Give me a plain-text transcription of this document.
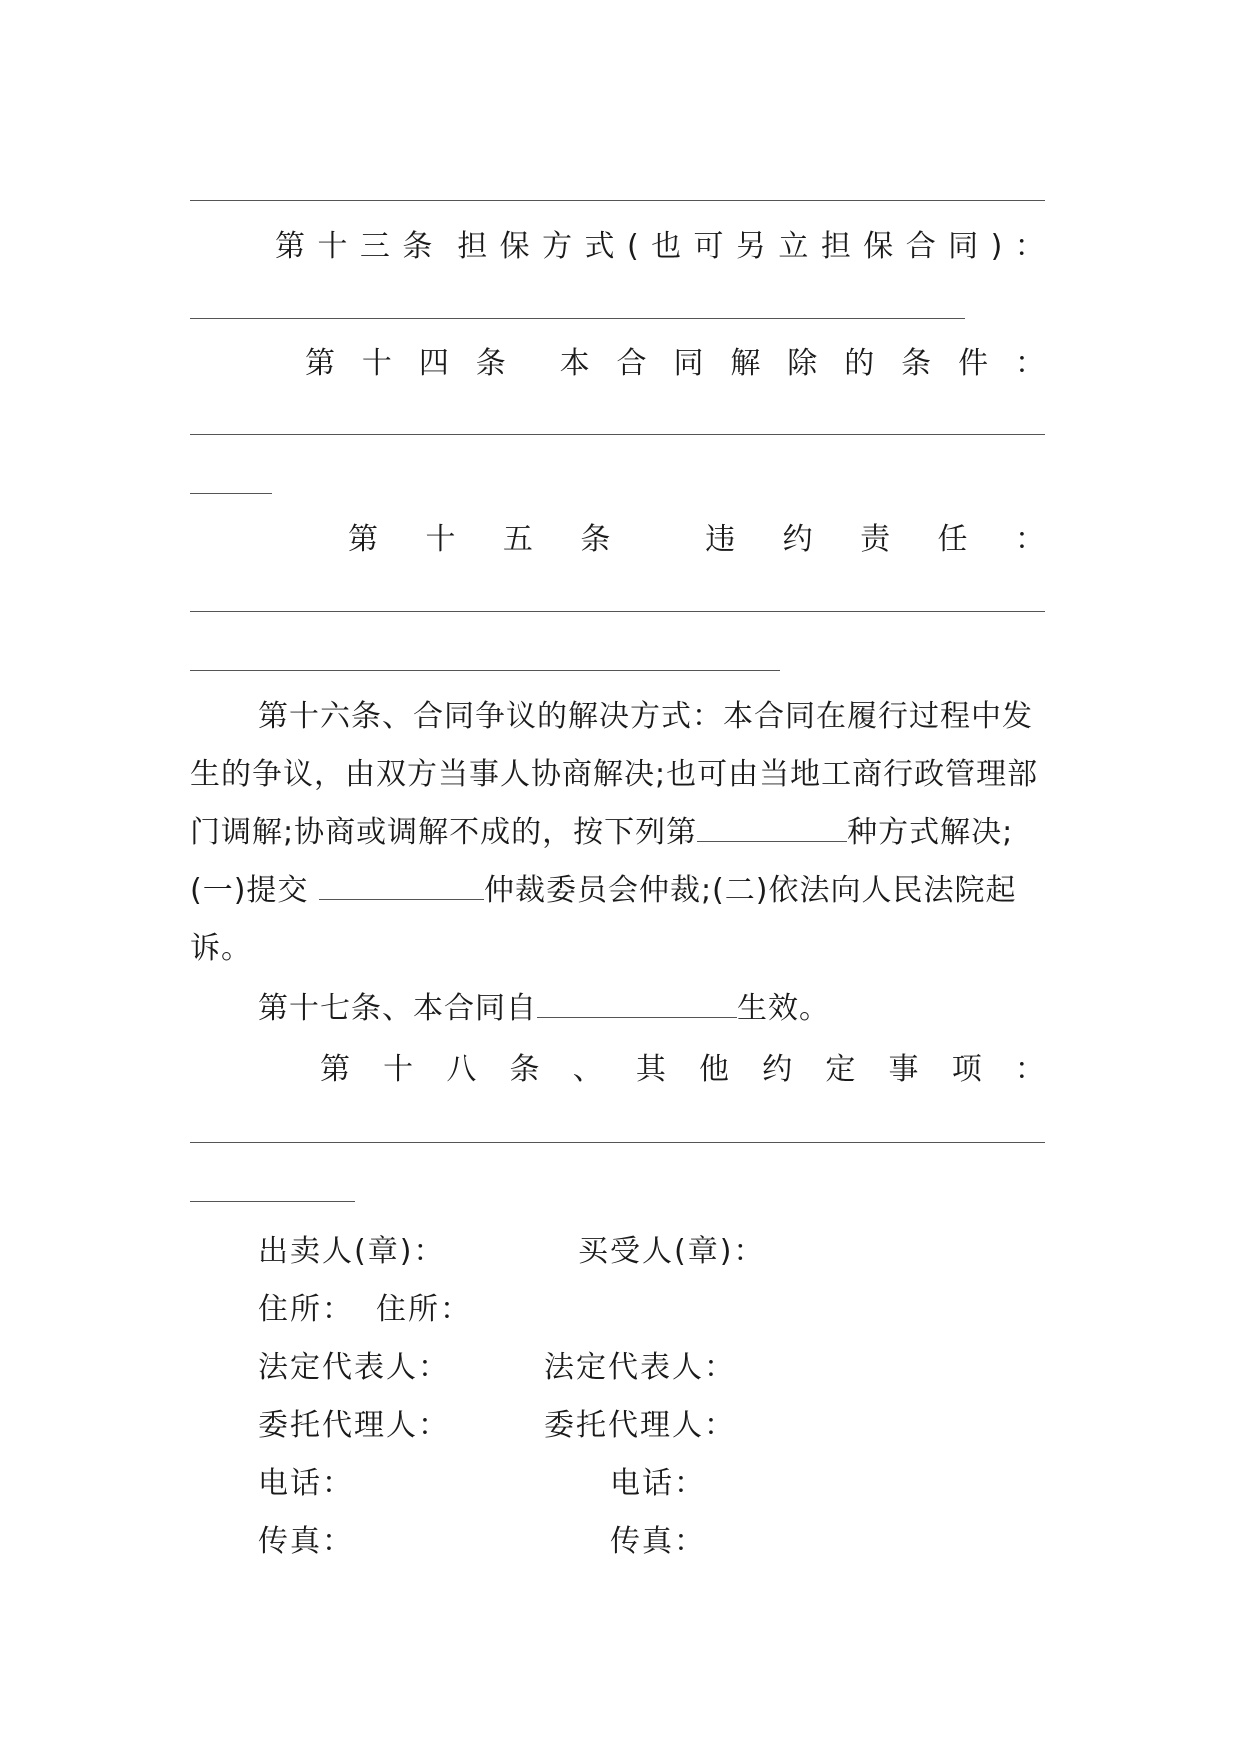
第 十 三 条 担 保 方 式 ( 也 可 另 立 担 保 合 同 ) ：
第 十 四 条 本 合 同 解 除 的 条 件 ：
第 十 五 条	违 约 责 任 ：
第十六条、合同争议的解决方式：本合同在履行过程中发生的争议，由双方当事人协商解决;也可由当地工商行政管理部门调解;协商或调解不成的，按下列第	种方式解决;(一)提交	仲裁委员会仲裁;(二)依法向人民法院起诉。
第十七条、本合同自	生效。
第 十 八 条 、 其 他 约 定 事 项 ：
出卖人(章)：	买受人(章)：
住所： 住所：
法定代表人：	法定代表人：
委托代理人：	委托代理人：
电话：	电话：
传真：	传真：
